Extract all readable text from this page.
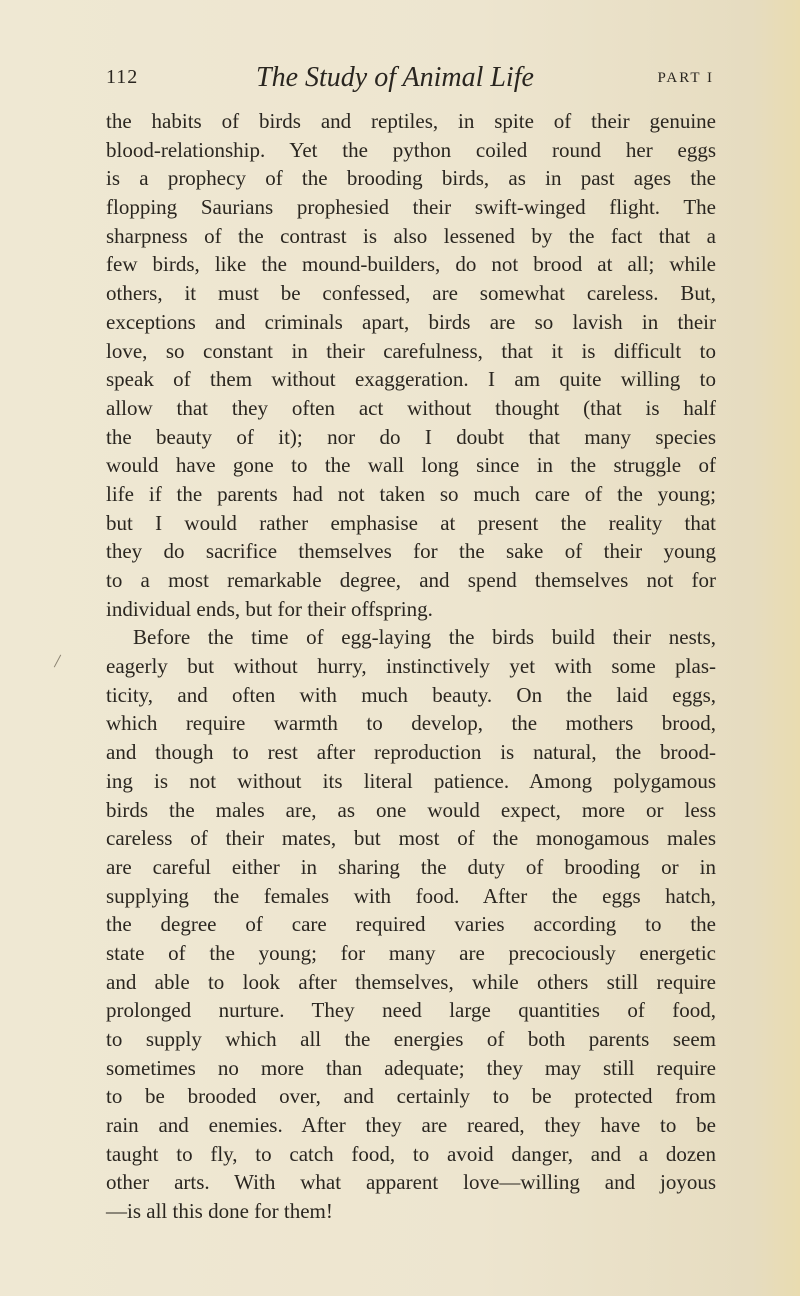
112	The Study of Animal Life	PART I
the habits of birds and reptiles, in spite of their genuine
blood-relationship. Yet the python coiled round her eggs
is a prophecy of the brooding birds, as in past ages the
flopping Saurians prophesied their swift-winged flight. The
sharpness of the contrast is also lessened by the fact that a
few birds, like the mound-builders, do not brood at all; while
others, it must be confessed, are somewhat careless. But,
exceptions and criminals apart, birds are so lavish in their
love, so constant in their carefulness, that it is difficult to
speak of them without exaggeration. I am quite willing to
allow that they often act without thought (that is half
the beauty of it); nor do I doubt that many species
would have gone to the wall long since in the struggle of
life if the parents had not taken so much care of the young;
but I would rather emphasise at present the reality that
they do sacrifice themselves for the sake of their young
to a most remarkable degree, and spend themselves not for
individual ends, but for their offspring.
Before the time of egg-laying the birds build their nests,
eagerly but without hurry, instinctively yet with some plas-
ticity, and often with much beauty. On the laid eggs,
which require warmth to develop, the mothers brood,
and though to rest after reproduction is natural, the brood-
ing is not without its literal patience. Among polygamous
birds the males are, as one would expect, more or less
careless of their mates, but most of the monogamous males
are careful either in sharing the duty of brooding or in
supplying the females with food. After the eggs hatch,
the degree of care required varies according to the
state of the young; for many are precociously energetic
and able to look after themselves, while others still require
prolonged nurture. They need large quantities of food,
to supply which all the energies of both parents seem
sometimes no more than adequate; they may still require
to be brooded over, and certainly to be protected from
rain and enemies. After they are reared, they have to be
taught to fly, to catch food, to avoid danger, and a dozen
other arts. With what apparent love—willing and joyous
—is all this done for them!
